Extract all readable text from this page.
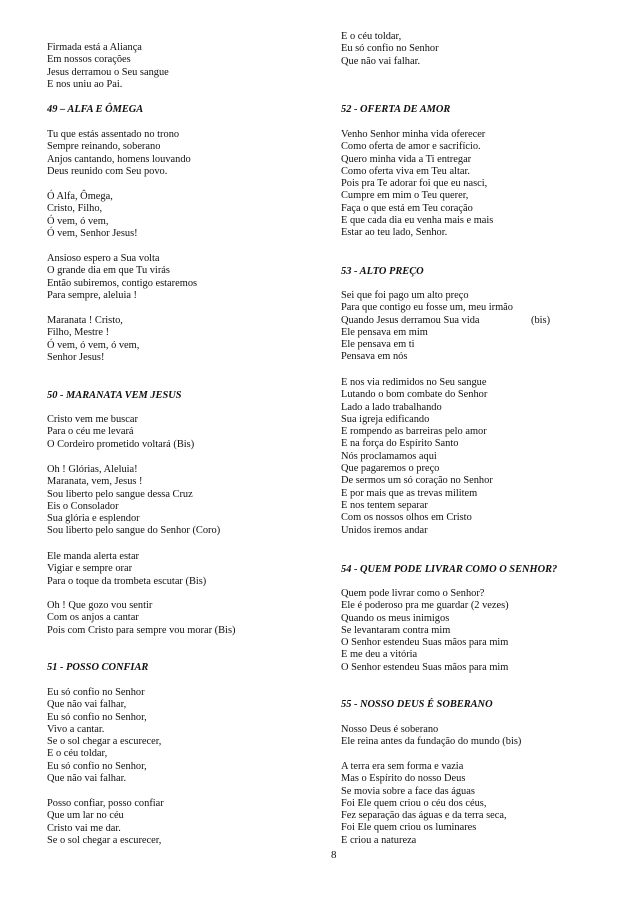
Firmada está a Aliança
Em nossos corações
Jesus derramou o Seu sangue
E nos uniu ao Pai.
49 – ALFA E ÔMEGA
Tu que estás assentado no trono
Sempre reinando, soberano
Anjos cantando, homens louvando
Deus reunido com Seu povo.
Ó Alfa, Ômega,
Cristo, Filho,
Ó vem, ó vem,
Ó vem, Senhor Jesus!
Ansioso espero a Sua volta
O grande dia em que Tu virás
Então subiremos, contigo estaremos
Para sempre, aleluia !
Maranata ! Cristo,
Filho, Mestre !
Ó vem, ó vem, ó vem,
Senhor Jesus!
50 - MARANATA VEM JESUS
Cristo vem me buscar
Para o céu me levará
O Cordeiro prometido voltará (Bis)
Oh ! Glórias, Aleluia!
Maranata, vem, Jesus !
Sou liberto pelo sangue dessa Cruz
Eis o Consolador
Sua glória e esplendor
Sou liberto pelo sangue do Senhor (Coro)
Ele manda alerta estar
Vigiar e sempre orar
Para o toque da trombeta escutar (Bis)
Oh ! Que gozo vou sentir
Com os anjos a cantar
Pois com Cristo para sempre vou morar (Bis)
51 - POSSO CONFIAR
Eu só confio no Senhor
Que não vai falhar,
Eu só confio no Senhor,
Vivo a cantar.
Se o sol chegar a escurecer,
E o céu toldar,
Eu só confio no Senhor,
Que não vai falhar.
Posso confiar, posso confiar
Que um lar no céu
Cristo vai me dar.
Se o sol chegar a escurecer,
E o céu toldar,
Eu só confio no Senhor
Que não vai falhar.
52 - OFERTA DE AMOR
Venho Senhor minha vida oferecer
Como oferta de amor e sacrifício.
Quero minha vida a Ti entregar
Como oferta viva em Teu altar.
Pois pra Te adorar foi que eu nasci,
Cumpre em mim o Teu querer,
Faça o que está em Teu coração
E que cada dia eu venha mais e mais
Estar ao teu lado, Senhor.
53 - ALTO PREÇO
Sei que foi pago um alto preço
Para que contigo eu fosse um, meu irmão
Quando Jesus derramou Sua vida	(bis)
Ele pensava em mim
Ele pensava em ti
Pensava em nós
E nos via redimidos no Seu sangue
Lutando o bom combate do Senhor
Lado a lado trabalhando
Sua igreja edificando
E rompendo as barreiras pelo amor
E na força do Espírito Santo
Nós proclamamos aqui
Que pagaremos o preço
De sermos um só coração no Senhor
E por mais que as trevas militem
E nos tentem separar
Com os nossos olhos em Cristo
Unidos iremos andar
54 - QUEM PODE LIVRAR COMO O SENHOR?
Quem pode livrar como o Senhor?
Ele é poderoso pra me guardar (2 vezes)
Quando os meus inimigos
Se levantaram contra mim
O Senhor estendeu Suas mãos para mim
E me deu a vitória
O Senhor estendeu Suas mãos para mim
55 - NOSSO DEUS É SOBERANO
Nosso Deus é soberano
Ele reina antes da fundação do mundo (bis)
A terra era sem forma e vazia
Mas o Espírito do nosso Deus
Se movia sobre a face das águas
Foi Ele quem criou o céu dos céus,
Fez separação das águas e da terra seca,
Foi Ele quem criou os luminares
E criou a natureza
8
